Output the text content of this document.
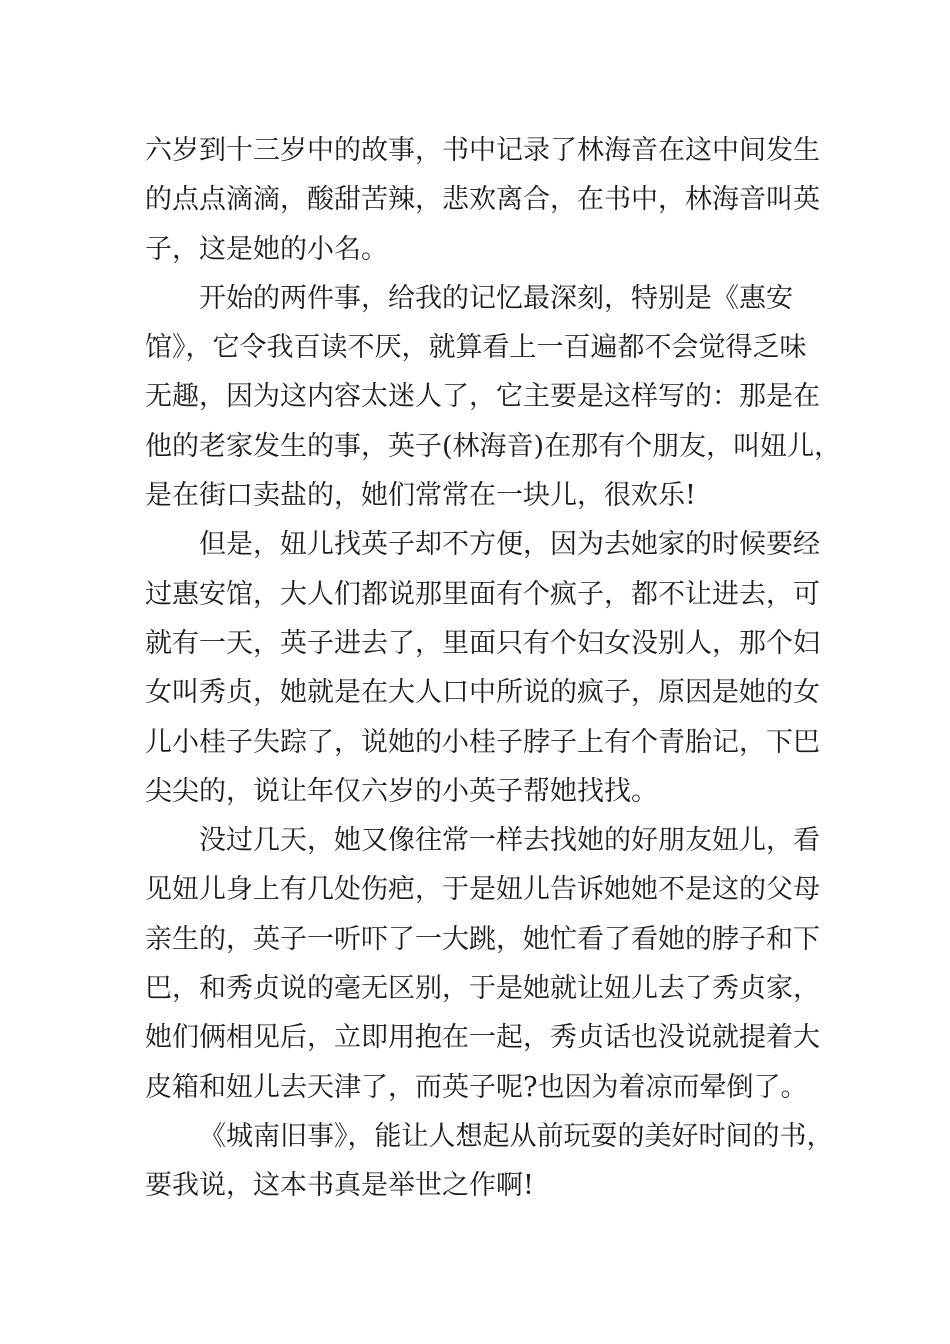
六岁到十三岁中的故事，书中记录了林海音在这中间发生
的点点滴滴，酸甜苦辣，悲欢离合，在书中，林海音叫英
子，这是她的小名。
开始的两件事，给我的记忆最深刻，特别是《惠安
馆》，它令我百读不厌，就算看上一百遍都不会觉得乏味
无趣，因为这内容太迷人了，它主要是这样写的：那是在
他的老家发生的事，英子(林海音)在那有个朋友，叫妞儿，
是在街口卖盐的，她们常常在一块儿，很欢乐!
但是，妞儿找英子却不方便，因为去她家的时候要经
过惠安馆，大人们都说那里面有个疯子，都不让进去，可
就有一天，英子进去了，里面只有个妇女没别人，那个妇
女叫秀贞，她就是在大人口中所说的疯子，原因是她的女
儿小桂子失踪了，说她的小桂子脖子上有个青胎记，下巴
尖尖的，说让年仅六岁的小英子帮她找找。
没过几天，她又像往常一样去找她的好朋友妞儿，看
见妞儿身上有几处伤疤，于是妞儿告诉她她不是这的父母
亲生的，英子一听吓了一大跳，她忙看了看她的脖子和下
巴，和秀贞说的毫无区别，于是她就让妞儿去了秀贞家，
她们俩相见后，立即用抱在一起，秀贞话也没说就提着大
皮箱和妞儿去天津了，而英子呢?也因为着凉而晕倒了。
《城南旧事》，能让人想起从前玩耍的美好时间的书，
要我说，这本书真是举世之作啊!
